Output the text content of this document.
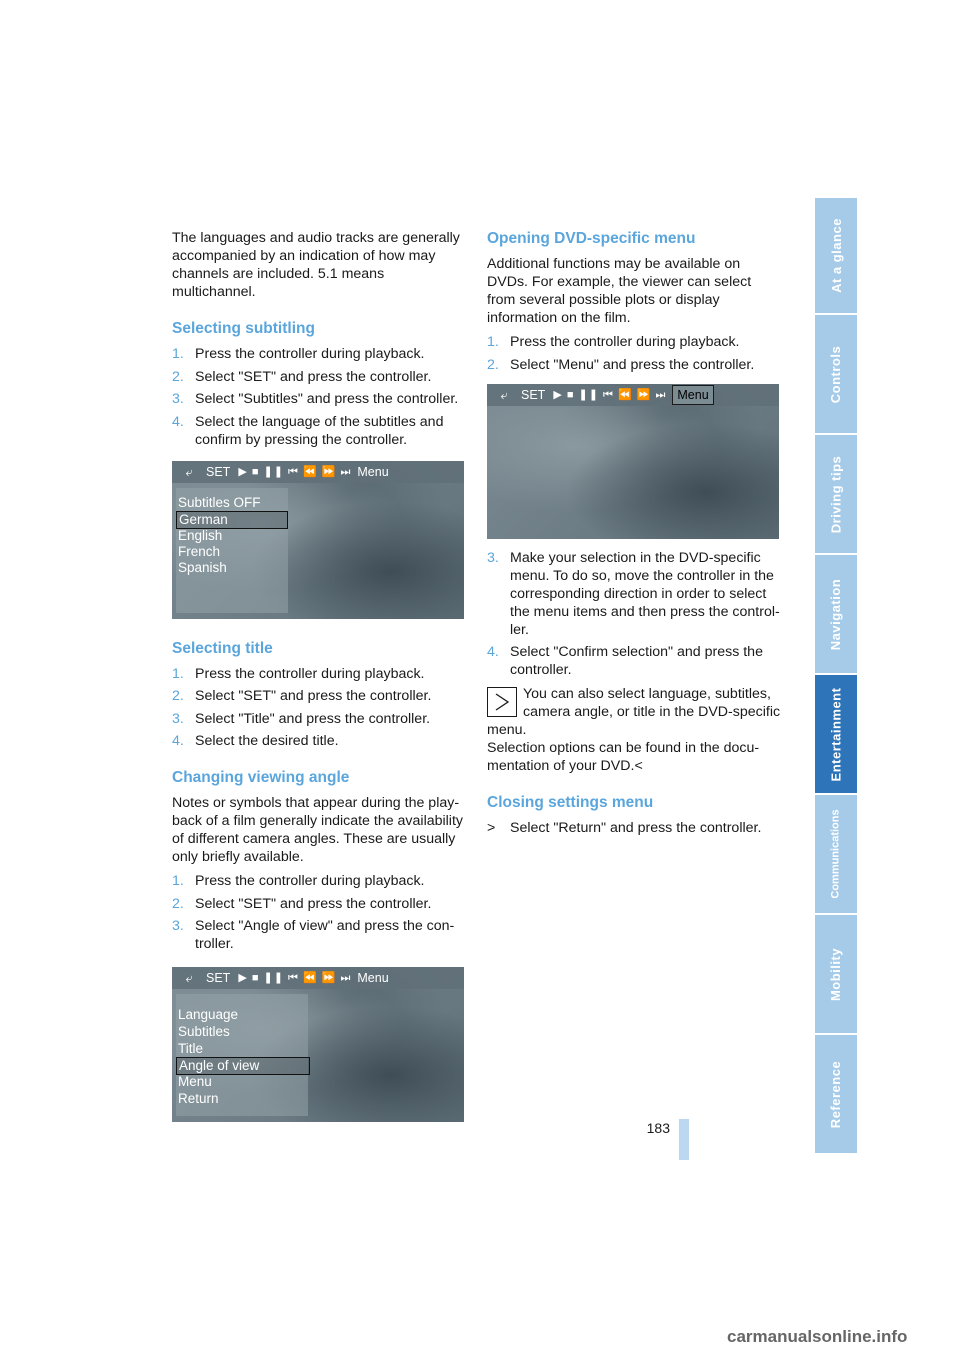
The languages and audio tracks are generally accompanied by an indication of how may channels are included. 5.1 means multichannel.

Selecting subtitling
1. Press the controller during playback.
2. Select "SET" and press the controller.
3. Select "Subtitles" and press the controller.
4. Select the language of the subtitles and confirm by pressing the controller.
⤶ SET ▶ ■ ❚❚ ⏮ ⏪ ⏩ ⏭ Menu
Subtitles OFF
German
English
French
Spanish
Selecting title
1. Press the controller during playback.
2. Select "SET" and press the controller.
3. Select "Title" and press the controller.
4. Select the desired title.
Changing viewing angle

Notes or symbols that appear during the play-back of a film generally indicate the availability of different camera angles. These are usually only briefly available.

1. Press the controller during playback.
2. Select "SET" and press the controller.
3. Select "Angle of view" and press the con-troller.
⤶ SET ▶ ■ ❚❚ ⏮ ⏪ ⏩ ⏭ Menu
Language
Subtitles
Title
Angle of view
Menu
Return
Opening DVD-specific menu

Additional functions may be available on DVDs. For example, the viewer can select from several possible plots or display information on the film.

1. Press the controller during playback.
2. Select "Menu" and press the controller.
⤶ SET ▶ ■ ❚❚ ⏮ ⏪ ⏩ ⏭ Menu
3. Make your selection in the DVD-specific menu. To do so, move the controller in the corresponding direction in order to select the menu items and then press the control-ler.
4. Select "Confirm selection" and press the controller.

You can also select language, subtitles, camera angle, or title in the DVD-specific

menu.
Selection options can be found in the docu-mentation of your DVD.<

Closing settings menu
> Select "Return" and press the controller.
183
At a glance
Controls
Driving tips
Navigation
Entertainment
Communications
Mobility
Reference
carmanualsonline.info
